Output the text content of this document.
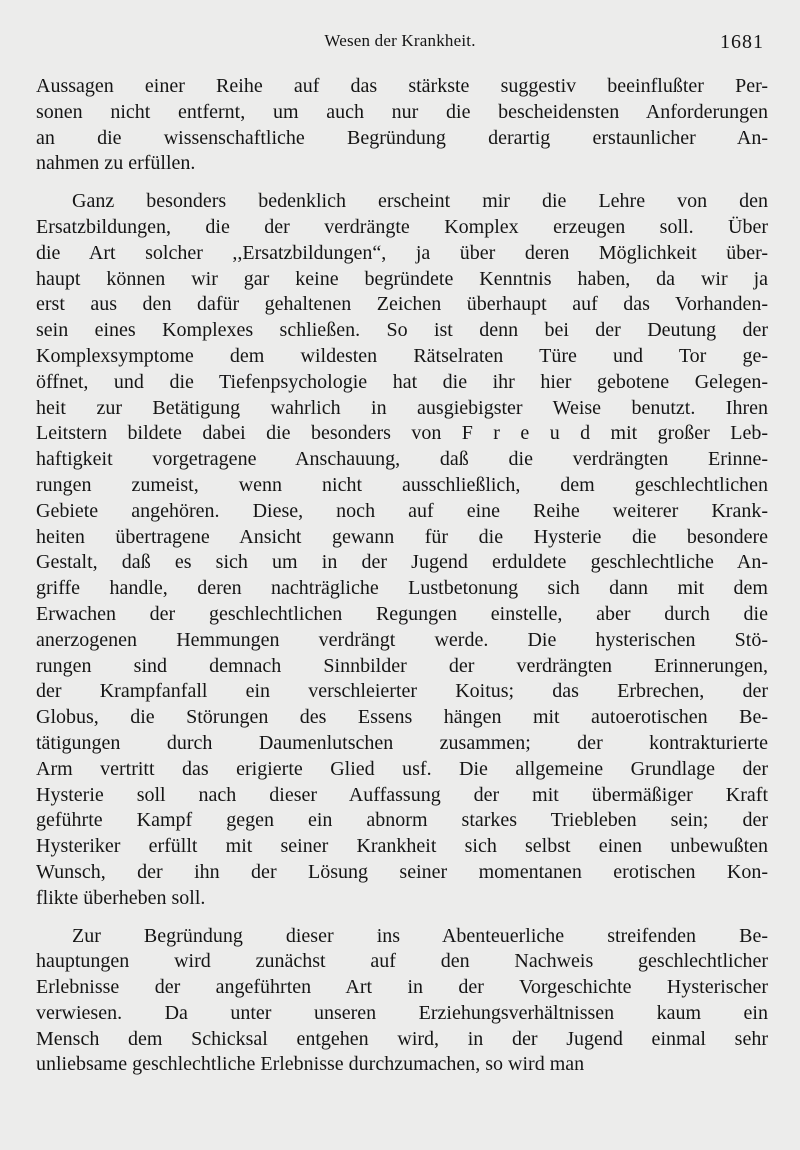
Wesen der Krankheit.	1681
Aussagen einer Reihe auf das stärkste suggestiv beeinflußter Per-
sonen nicht entfernt, um auch nur die bescheidensten Anforderungen
an die wissenschaftliche Begründung derartig erstaunlicher An-
nahmen zu erfüllen.
Ganz besonders bedenklich erscheint mir die Lehre von den
Ersatzbildungen, die der verdrängte Komplex erzeugen soll. Über
die Art solcher ,,Ersatzbildungen“, ja über deren Möglichkeit über-
haupt können wir gar keine begründete Kenntnis haben, da wir ja
erst aus den dafür gehaltenen Zeichen überhaupt auf das Vorhanden-
sein eines Komplexes schließen. So ist denn bei der Deutung der
Komplexsymptome dem wildesten Rätselraten Türe und Tor ge-
öffnet, und die Tiefenpsychologie hat die ihr hier gebotene Gelegen-
heit zur Betätigung wahrlich in ausgiebigster Weise benutzt. Ihren
Leitstern bildete dabei die besonders von F r e u d mit großer Leb-
haftigkeit vorgetragene Anschauung, daß die verdrängten Erinne-
rungen zumeist, wenn nicht ausschließlich, dem geschlechtlichen
Gebiete angehören. Diese, noch auf eine Reihe weiterer Krank-
heiten übertragene Ansicht gewann für die Hysterie die besondere
Gestalt, daß es sich um in der Jugend erduldete geschlechtliche An-
griffe handle, deren nachträgliche Lustbetonung sich dann mit dem
Erwachen der geschlechtlichen Regungen einstelle, aber durch die
anerzogenen Hemmungen verdrängt werde. Die hysterischen Stö-
rungen sind demnach Sinnbilder der verdrängten Erinnerungen,
der Krampfanfall ein verschleierter Koitus; das Erbrechen, der
Globus, die Störungen des Essens hängen mit autoerotischen Be-
tätigungen durch Daumenlutschen zusammen; der kontrakturierte
Arm vertritt das erigierte Glied usf. Die allgemeine Grundlage der
Hysterie soll nach dieser Auffassung der mit übermäßiger Kraft
geführte Kampf gegen ein abnorm starkes Triebleben sein; der
Hysteriker erfüllt mit seiner Krankheit sich selbst einen unbewußten
Wunsch, der ihn der Lösung seiner momentanen erotischen Kon-
flikte überheben soll.
Zur Begründung dieser ins Abenteuerliche streifenden Be-
hauptungen wird zunächst auf den Nachweis geschlechtlicher
Erlebnisse der angeführten Art in der Vorgeschichte Hysterischer
verwiesen. Da unter unseren Erziehungsverhältnissen kaum ein
Mensch dem Schicksal entgehen wird, in der Jugend einmal sehr
unliebsame geschlechtliche Erlebnisse durchzumachen, so wird man
